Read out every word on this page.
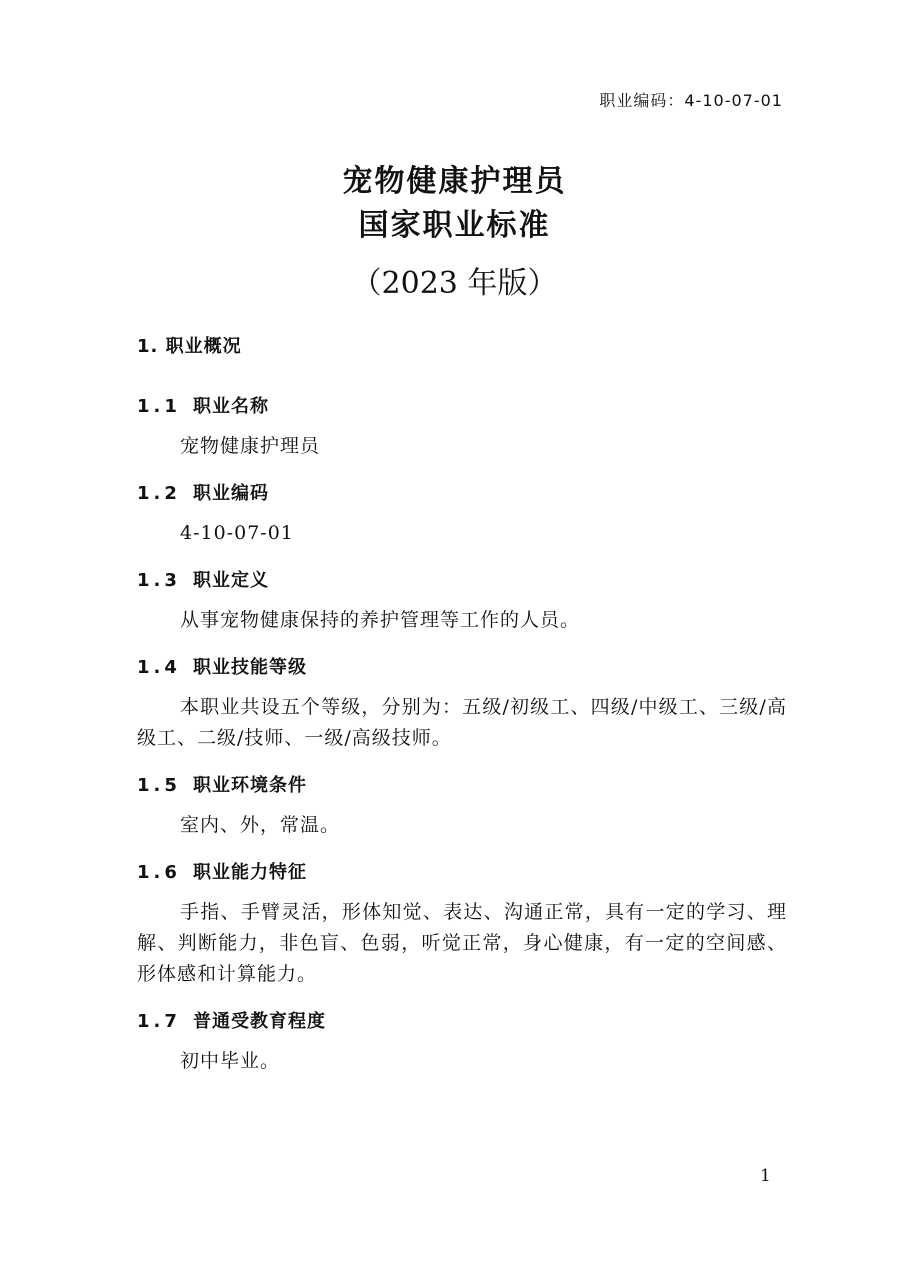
职业编码：4-10-07-01
宠物健康护理员
国家职业标准
（2023 年版）
1. 职业概况
1.1 职业名称
宠物健康护理员
1.2 职业编码
4-10-07-01
1.3 职业定义
从事宠物健康保持的养护管理等工作的人员。
1.4 职业技能等级
本职业共设五个等级，分别为：五级/初级工、四级/中级工、三级/高级工、二级/技师、一级/高级技师。
1.5 职业环境条件
室内、外，常温。
1.6 职业能力特征
手指、手臂灵活，形体知觉、表达、沟通正常，具有一定的学习、理解、判断能力，非色盲、色弱，听觉正常，身心健康，有一定的空间感、形体感和计算能力。
1.7 普通受教育程度
初中毕业。
1
